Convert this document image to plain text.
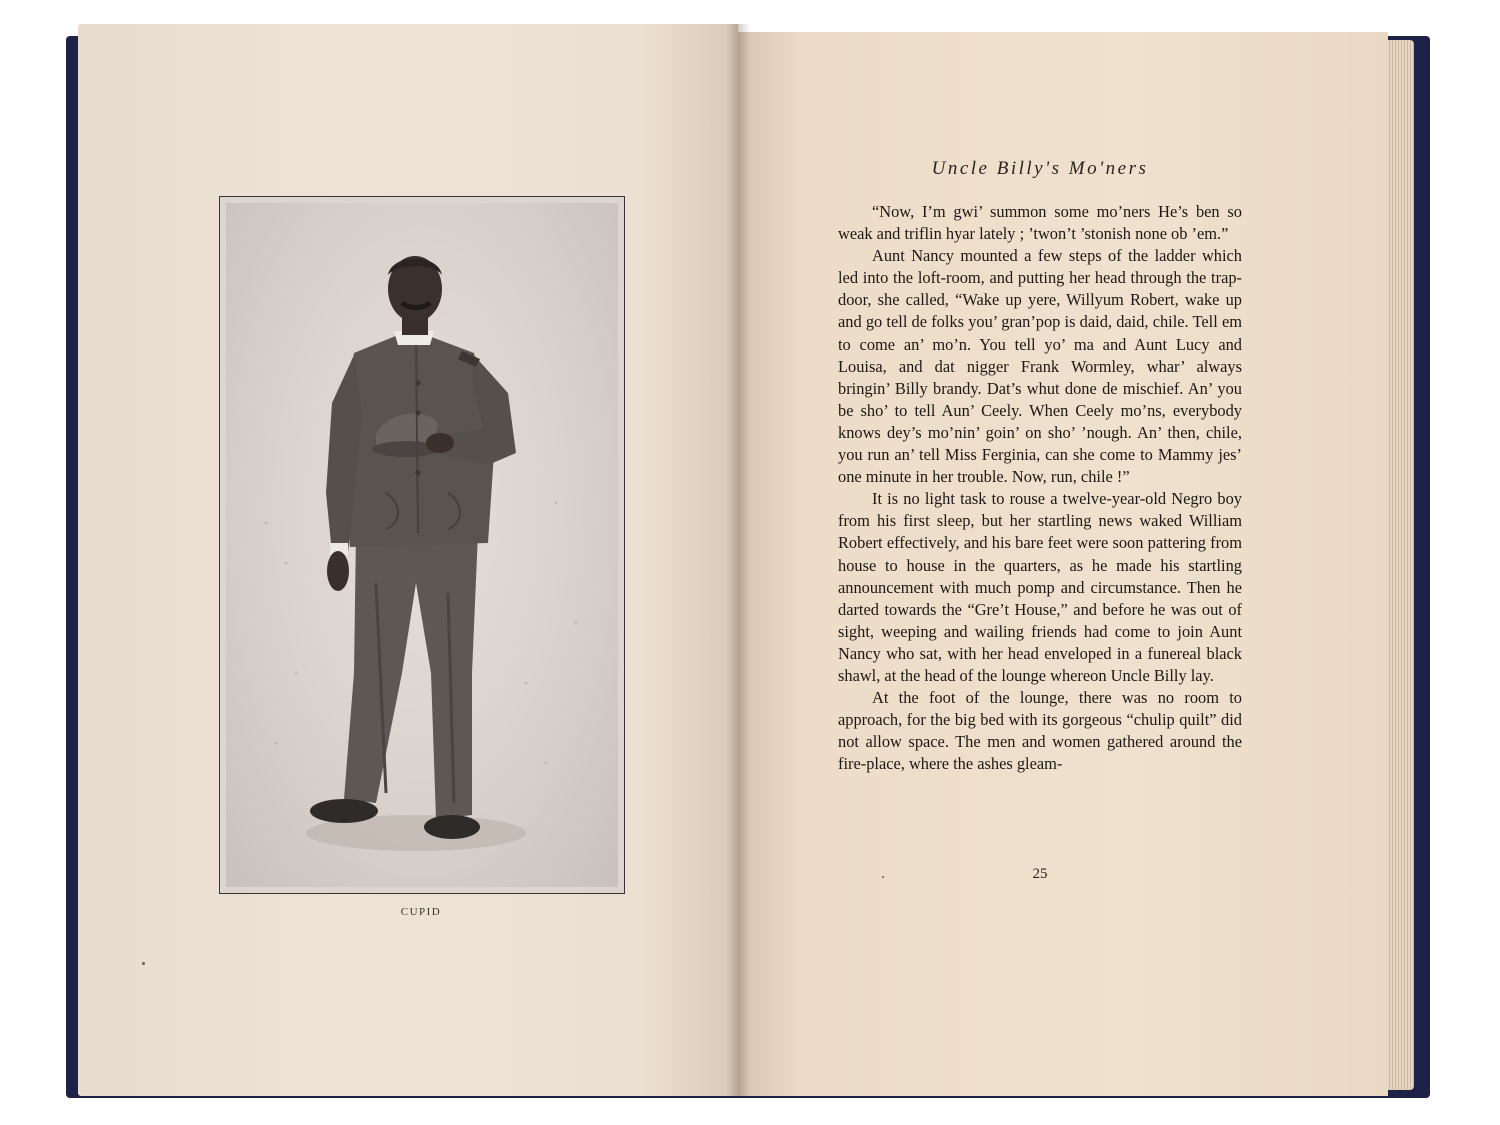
CUPID
Uncle Billy's Mo'ners

“Now, I’m gwi’ summon some mo’ners He’s ben so weak and triflin hyar lately ; ’twon’t ’stonish none ob ’em.”

Aunt Nancy mounted a few steps of the ladder which led into the loft-room, and putting her head through the trap-door, she called, “Wake up yere, Willyum Robert, wake up and go tell de folks you’ gran’pop is daid, daid, chile. Tell em to come an’ mo’n. You tell yo’ ma and Aunt Lucy and Louisa, and dat nigger Frank Wormley, whar’ always bringin’ Billy brandy. Dat’s whut done de mischief. An’ you be sho’ to tell Aun’ Ceely. When Ceely mo’ns, everybody knows dey’s mo’nin’ goin’ on sho’ ’nough. An’ then, chile, you run an’ tell Miss Ferginia, can she come to Mammy jes’ one minute in her trouble. Now, run, chile !”

It is no light task to rouse a twelve-year-old Negro boy from his first sleep, but her startling news waked William Robert effectively, and his bare feet were soon pattering from house to house in the quarters, as he made his startling announcement with much pomp and circumstance. Then he darted towards the “Gre’t House,” and before he was out of sight, weeping and wailing friends had come to join Aunt Nancy who sat, with her head enveloped in a funereal black shawl, at the head of the lounge whereon Uncle Billy lay.

At the foot of the lounge, there was no room to approach, for the big bed with its gorgeous “chulip quilt” did not allow space. The men and women gathered around the fire-place, where the ashes gleam-

25
